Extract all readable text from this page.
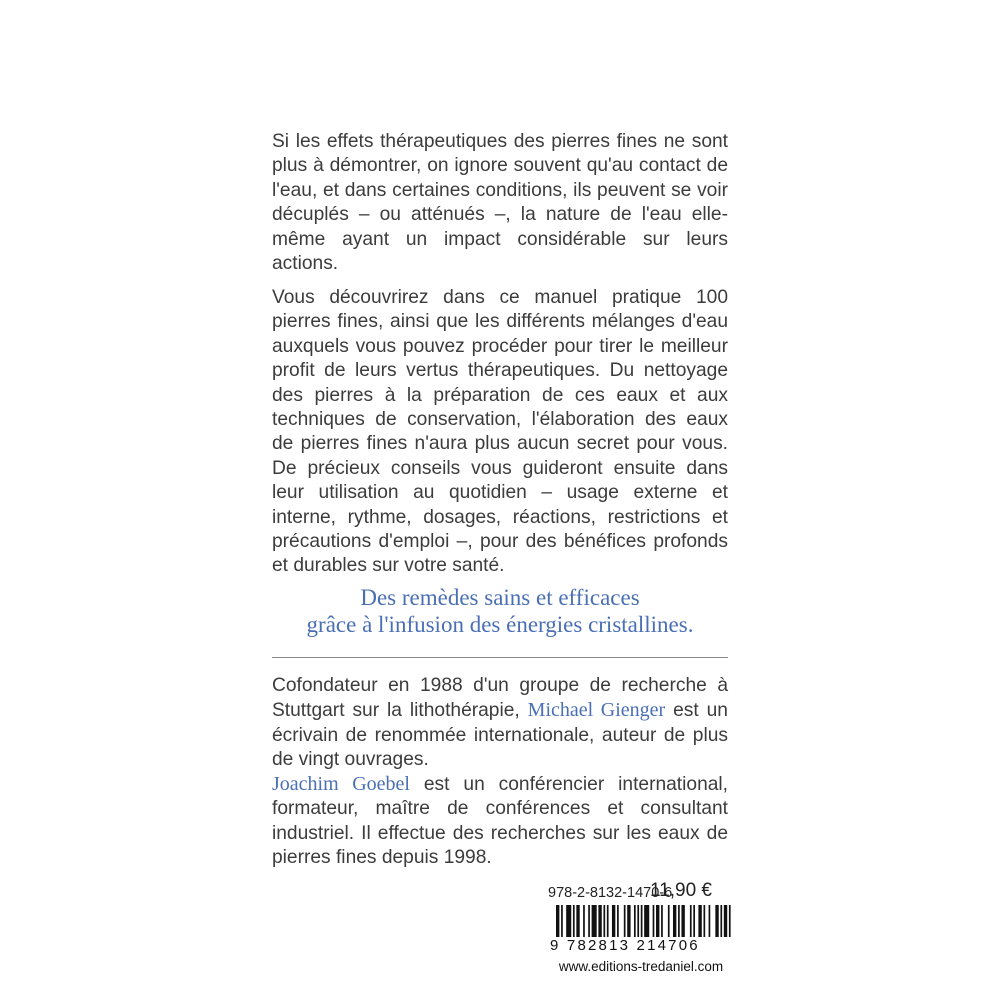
Si les effets thérapeutiques des pierres fines ne sont plus à démontrer, on ignore souvent qu'au contact de l'eau, et dans certaines conditions, ils peuvent se voir décuplés – ou atténués –, la nature de l'eau elle-même ayant un impact considérable sur leurs actions.
Vous découvrirez dans ce manuel pratique 100 pierres fines, ainsi que les différents mélanges d'eau auxquels vous pouvez procéder pour tirer le meilleur profit de leurs vertus thérapeutiques. Du nettoyage des pierres à la préparation de ces eaux et aux techniques de conservation, l'élaboration des eaux de pierres fines n'aura plus aucun secret pour vous. De précieux conseils vous guideront ensuite dans leur utilisation au quotidien – usage externe et interne, rythme, dosages, réactions, restrictions et précautions d'emploi –, pour des bénéfices profonds et durables sur votre santé.
Des remèdes sains et efficaces
grâce à l'infusion des énergies cristallines.
Cofondateur en 1988 d'un groupe de recherche à Stuttgart sur la lithothérapie, Michael Gienger est un écrivain de renommée internationale, auteur de plus de vingt ouvrages.
Joachim Goebel est un conférencier international, formateur, maître de conférences et consultant industriel. Il effectue des recherches sur les eaux de pierres fines depuis 1998.
978-2-8132-1470-6
11,90 €
9 782813 214706
www.editions-tredaniel.com
